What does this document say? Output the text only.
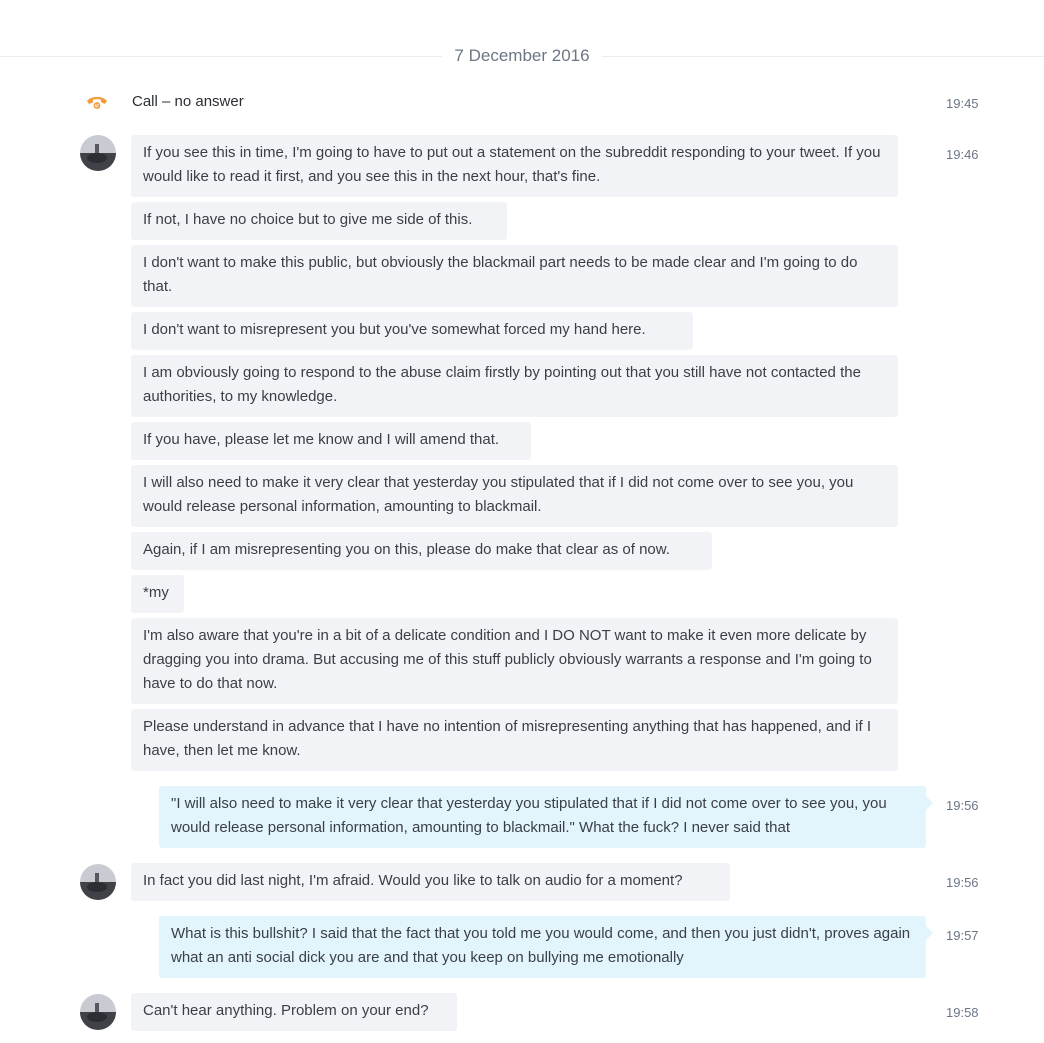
7 December 2016
Call – no answer	19:45
If you see this in time, I'm going to have to put out a statement on the subreddit responding to your tweet. If you would like to read it first, and you see this in the next hour, that's fine.
19:46
If not, I have no choice but to give me side of this.
I don't want to make this public, but obviously the blackmail part needs to be made clear and I'm going to do that.
I don't want to misrepresent you but you've somewhat forced my hand here.
I am obviously going to respond to the abuse claim firstly by pointing out that you still have not contacted the authorities, to my knowledge.
If you have, please let me know and I will amend that.
I will also need to make it very clear that yesterday you stipulated that if I did not come over to see you, you would release personal information, amounting to blackmail.
Again, if I am misrepresenting you on this, please do make that clear as of now.
*my
I'm also aware that you're in a bit of a delicate condition and I DO NOT want to make it even more delicate by dragging you into drama. But accusing me of this stuff publicly obviously warrants a response and I'm going to have to do that now.
Please understand in advance that I have no intention of misrepresenting anything that has happened, and if I have, then let me know.
"I will also need to make it very clear that yesterday you stipulated that if I did not come over to see you, you would release personal information, amounting to blackmail." What the fuck? I never said that
19:56
In fact you did last night, I'm afraid. Would you like to talk on audio for a moment?	19:56
What is this bullshit? I said that the fact that you told me you would come, and then you just didn't, proves again what an anti social dick you are and that you keep on bullying me emotionally
19:57
Can't hear anything. Problem on your end?	19:58
